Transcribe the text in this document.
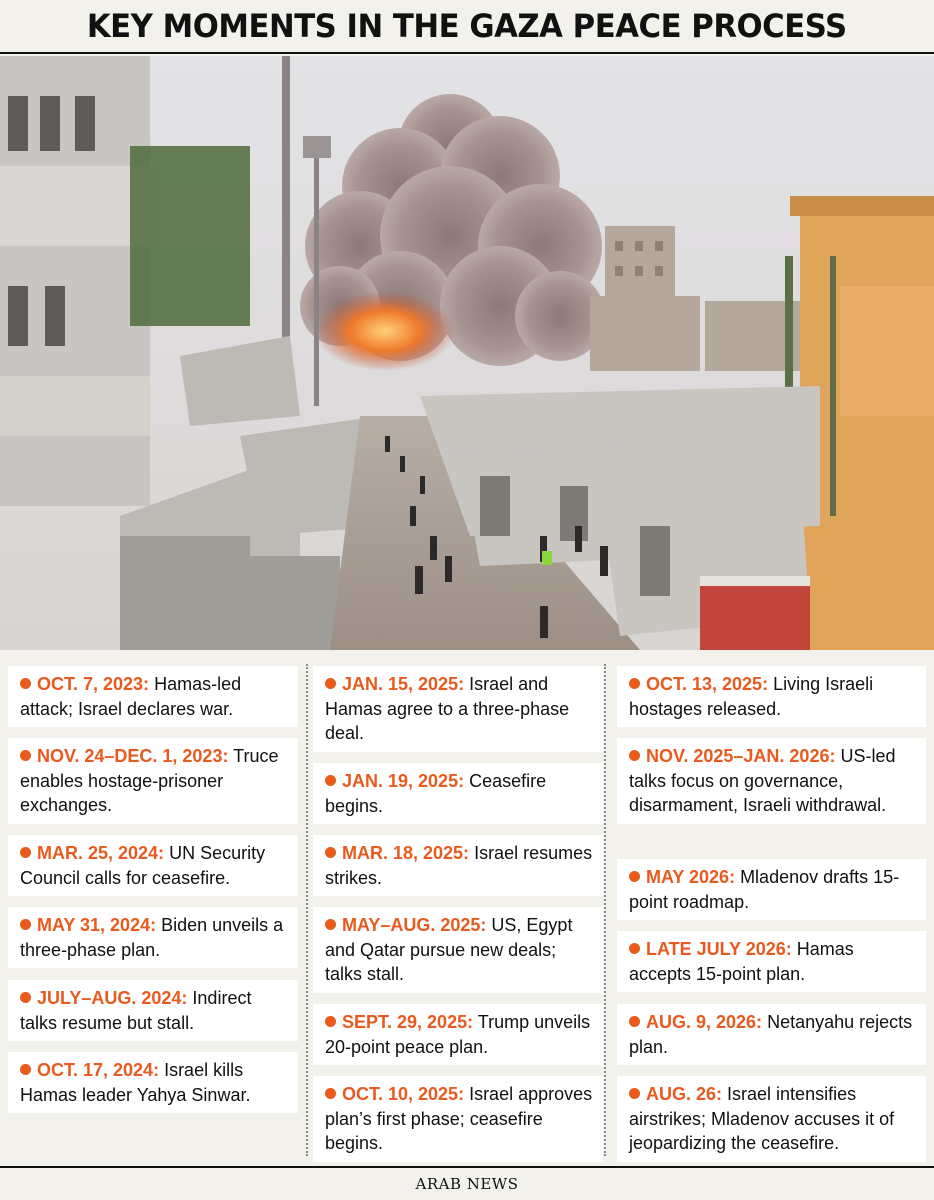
KEY MOMENTS IN THE GAZA PEACE PROCESS
OCT. 7, 2023: Hamas-led attack; Israel declares war.
NOV. 24–DEC. 1, 2023: Truce enables hostage-prisoner exchanges.
MAR. 25, 2024: UN Security Council calls for ceasefire.
MAY 31, 2024: Biden unveils a three-phase plan.
JULY–AUG. 2024: Indirect talks resume but stall.
OCT. 17, 2024: Israel kills Hamas leader Yahya Sinwar.
JAN. 15, 2025: Israel and Hamas agree to a three-phase deal.
JAN. 19, 2025: Ceasefire begins.
MAR. 18, 2025: Israel resumes strikes.
MAY–AUG. 2025: US, Egypt and Qatar pursue new deals; talks stall.
SEPT. 29, 2025: Trump unveils 20-point peace plan.
OCT. 10, 2025: Israel approves plan’s first phase; ceasefire begins.
OCT. 13, 2025: Living Israeli hostages released.
NOV. 2025–JAN. 2026: US-led talks focus on governance, disarmament, Israeli withdrawal.
MAY 2026: Mladenov drafts 15-point roadmap.
LATE JULY 2026: Hamas accepts 15-point plan.
AUG. 9, 2026: Netanyahu rejects plan.
AUG. 26: Israel intensifies airstrikes; Mladenov accuses it of jeopardizing the ceasefire.
ARAB NEWS
